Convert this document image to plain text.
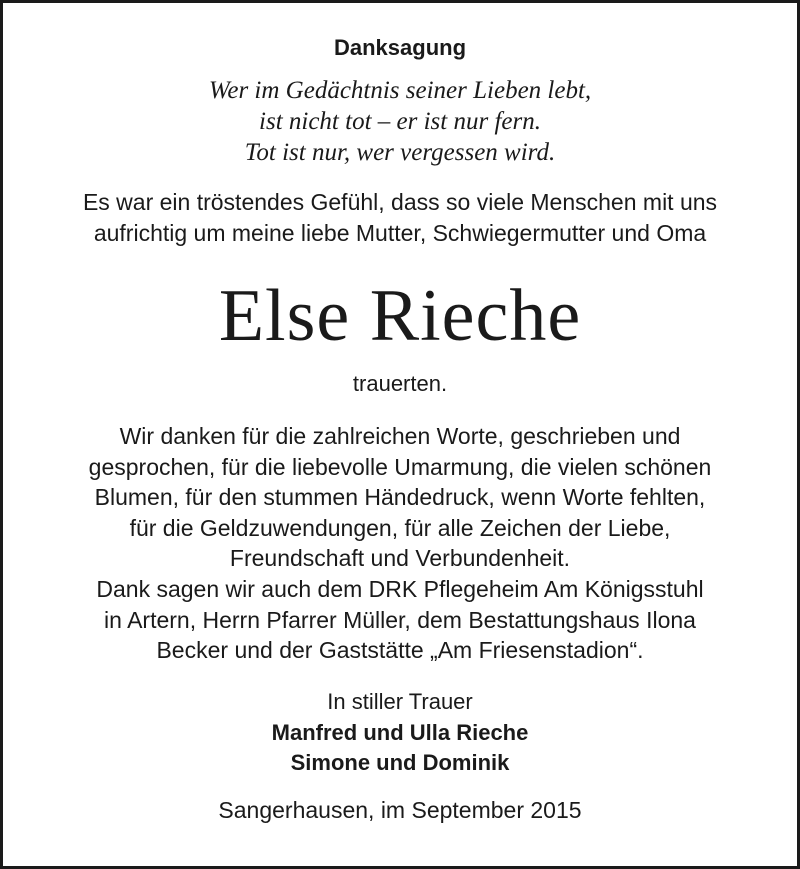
Danksagung
Wer im Gedächtnis seiner Lieben lebt,
ist nicht tot – er ist nur fern.
Tot ist nur, wer vergessen wird.
Es war ein tröstendes Gefühl, dass so viele Menschen mit uns
aufrichtig um meine liebe Mutter, Schwiegermutter und Oma
Else Rieche
trauerten.
Wir danken für die zahlreichen Worte, geschrieben und
gesprochen, für die liebevolle Umarmung, die vielen schönen
Blumen, für den stummen Händedruck, wenn Worte fehlten,
für die Geldzuwendungen, für alle Zeichen der Liebe,
Freundschaft und Verbundenheit.
Dank sagen wir auch dem DRK Pflegeheim Am Königsstuhl
in Artern, Herrn Pfarrer Müller, dem Bestattungshaus Ilona
Becker und der Gaststätte „Am Friesenstadion“.
In stiller Trauer
Manfred und Ulla Rieche
Simone und Dominik
Sangerhausen, im September 2015
